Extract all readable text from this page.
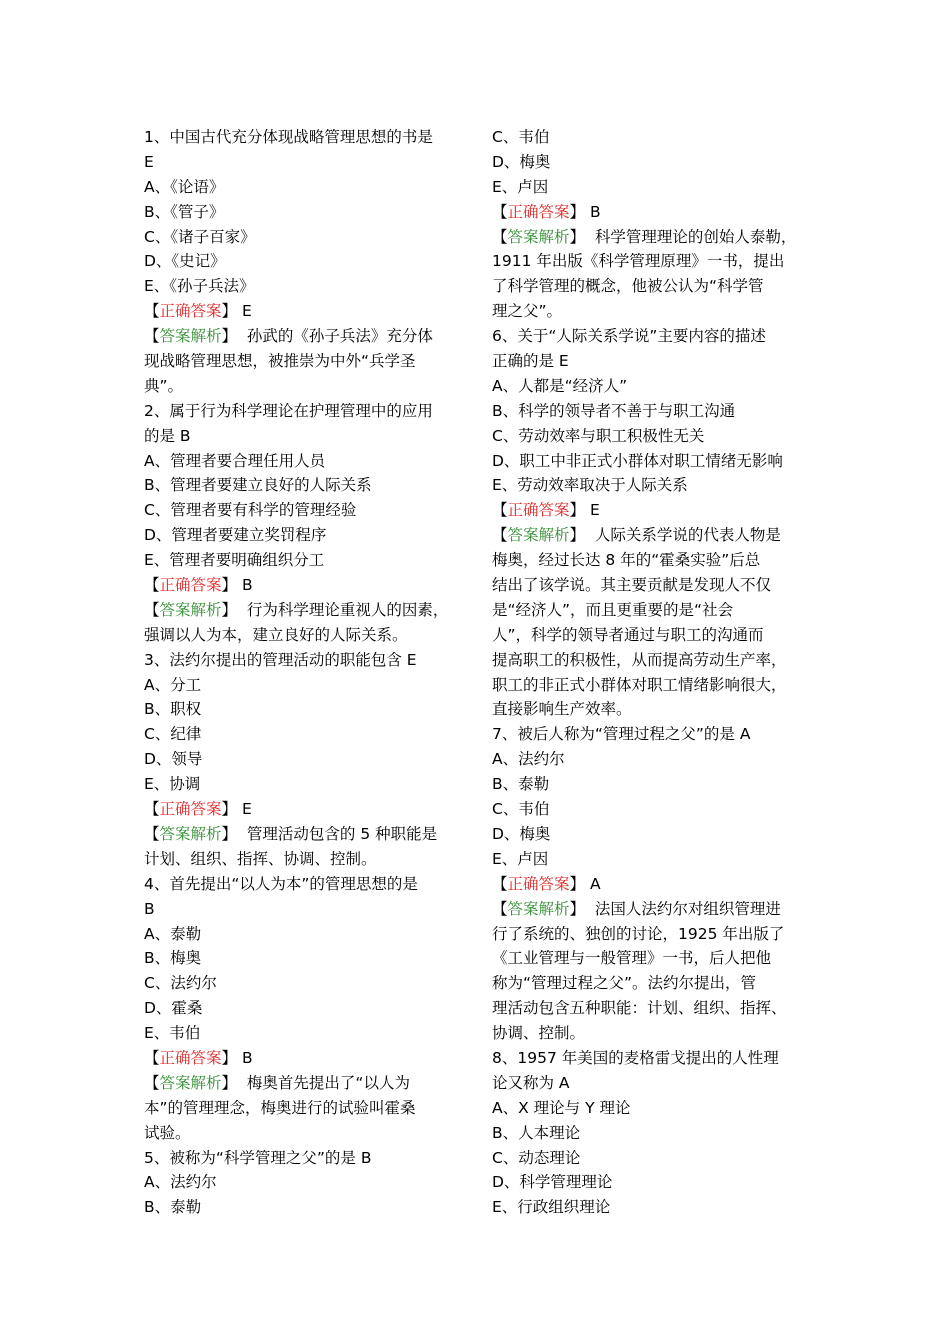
1、中国古代充分体现战略管理思想的书是
E
A、《论语》
B、《管子》
C、《诸子百家》
D、《史记》
E、《孙子兵法》
【正确答案】 E
【答案解析】  孙武的《孙子兵法》充分体
现战略管理思想，被推崇为中外“兵学圣
典”。
2、属于行为科学理论在护理管理中的应用
的是 B
A、管理者要合理任用人员
B、管理者要建立良好的人际关系
C、管理者要有科学的管理经验
D、管理者要建立奖罚程序
E、管理者要明确组织分工
【正确答案】 B
【答案解析】  行为科学理论重视人的因素，
强调以人为本，建立良好的人际关系。
3、法约尔提出的管理活动的职能包含 E
A、分工
B、职权
C、纪律
D、领导
E、协调
【正确答案】 E
【答案解析】  管理活动包含的 5 种职能是
计划、组织、指挥、协调、控制。
4、首先提出“以人为本”的管理思想的是
B
A、泰勒
B、梅奥
C、法约尔
D、霍桑
E、韦伯
【正确答案】 B
【答案解析】  梅奥首先提出了“以人为
本”的管理理念，梅奥进行的试验叫霍桑
试验。
5、被称为“科学管理之父”的是 B
A、法约尔
B、泰勒
C、韦伯
D、梅奥
E、卢因
【正确答案】 B
【答案解析】  科学管理理论的创始人泰勒，
1911 年出版《科学管理原理》一书，提出
了科学管理的概念，他被公认为“科学管
理之父”。
6、关于“人际关系学说”主要内容的描述
正确的是 E
A、人都是“经济人”
B、科学的领导者不善于与职工沟通
C、劳动效率与职工积极性无关
D、职工中非正式小群体对职工情绪无影响
E、劳动效率取决于人际关系
【正确答案】 E
【答案解析】  人际关系学说的代表人物是
梅奥，经过长达 8 年的“霍桑实验”后总
结出了该学说。其主要贡献是发现人不仅
是“经济人”，而且更重要的是“社会
人”，科学的领导者通过与职工的沟通而
提高职工的积极性，从而提高劳动生产率，
职工的非正式小群体对职工情绪影响很大，
直接影响生产效率。
7、被后人称为“管理过程之父”的是 A
A、法约尔
B、泰勒
C、韦伯
D、梅奥
E、卢因
【正确答案】 A
【答案解析】  法国人法约尔对组织管理进
行了系统的、独创的讨论，1925 年出版了
《工业管理与一般管理》一书，后人把他
称为“管理过程之父”。法约尔提出，管
理活动包含五种职能：计划、组织、指挥、
协调、控制。
8、1957 年美国的麦格雷戈提出的人性理
论又称为 A
A、X 理论与 Y 理论
B、人本理论
C、动态理论
D、科学管理理论
E、行政组织理论
